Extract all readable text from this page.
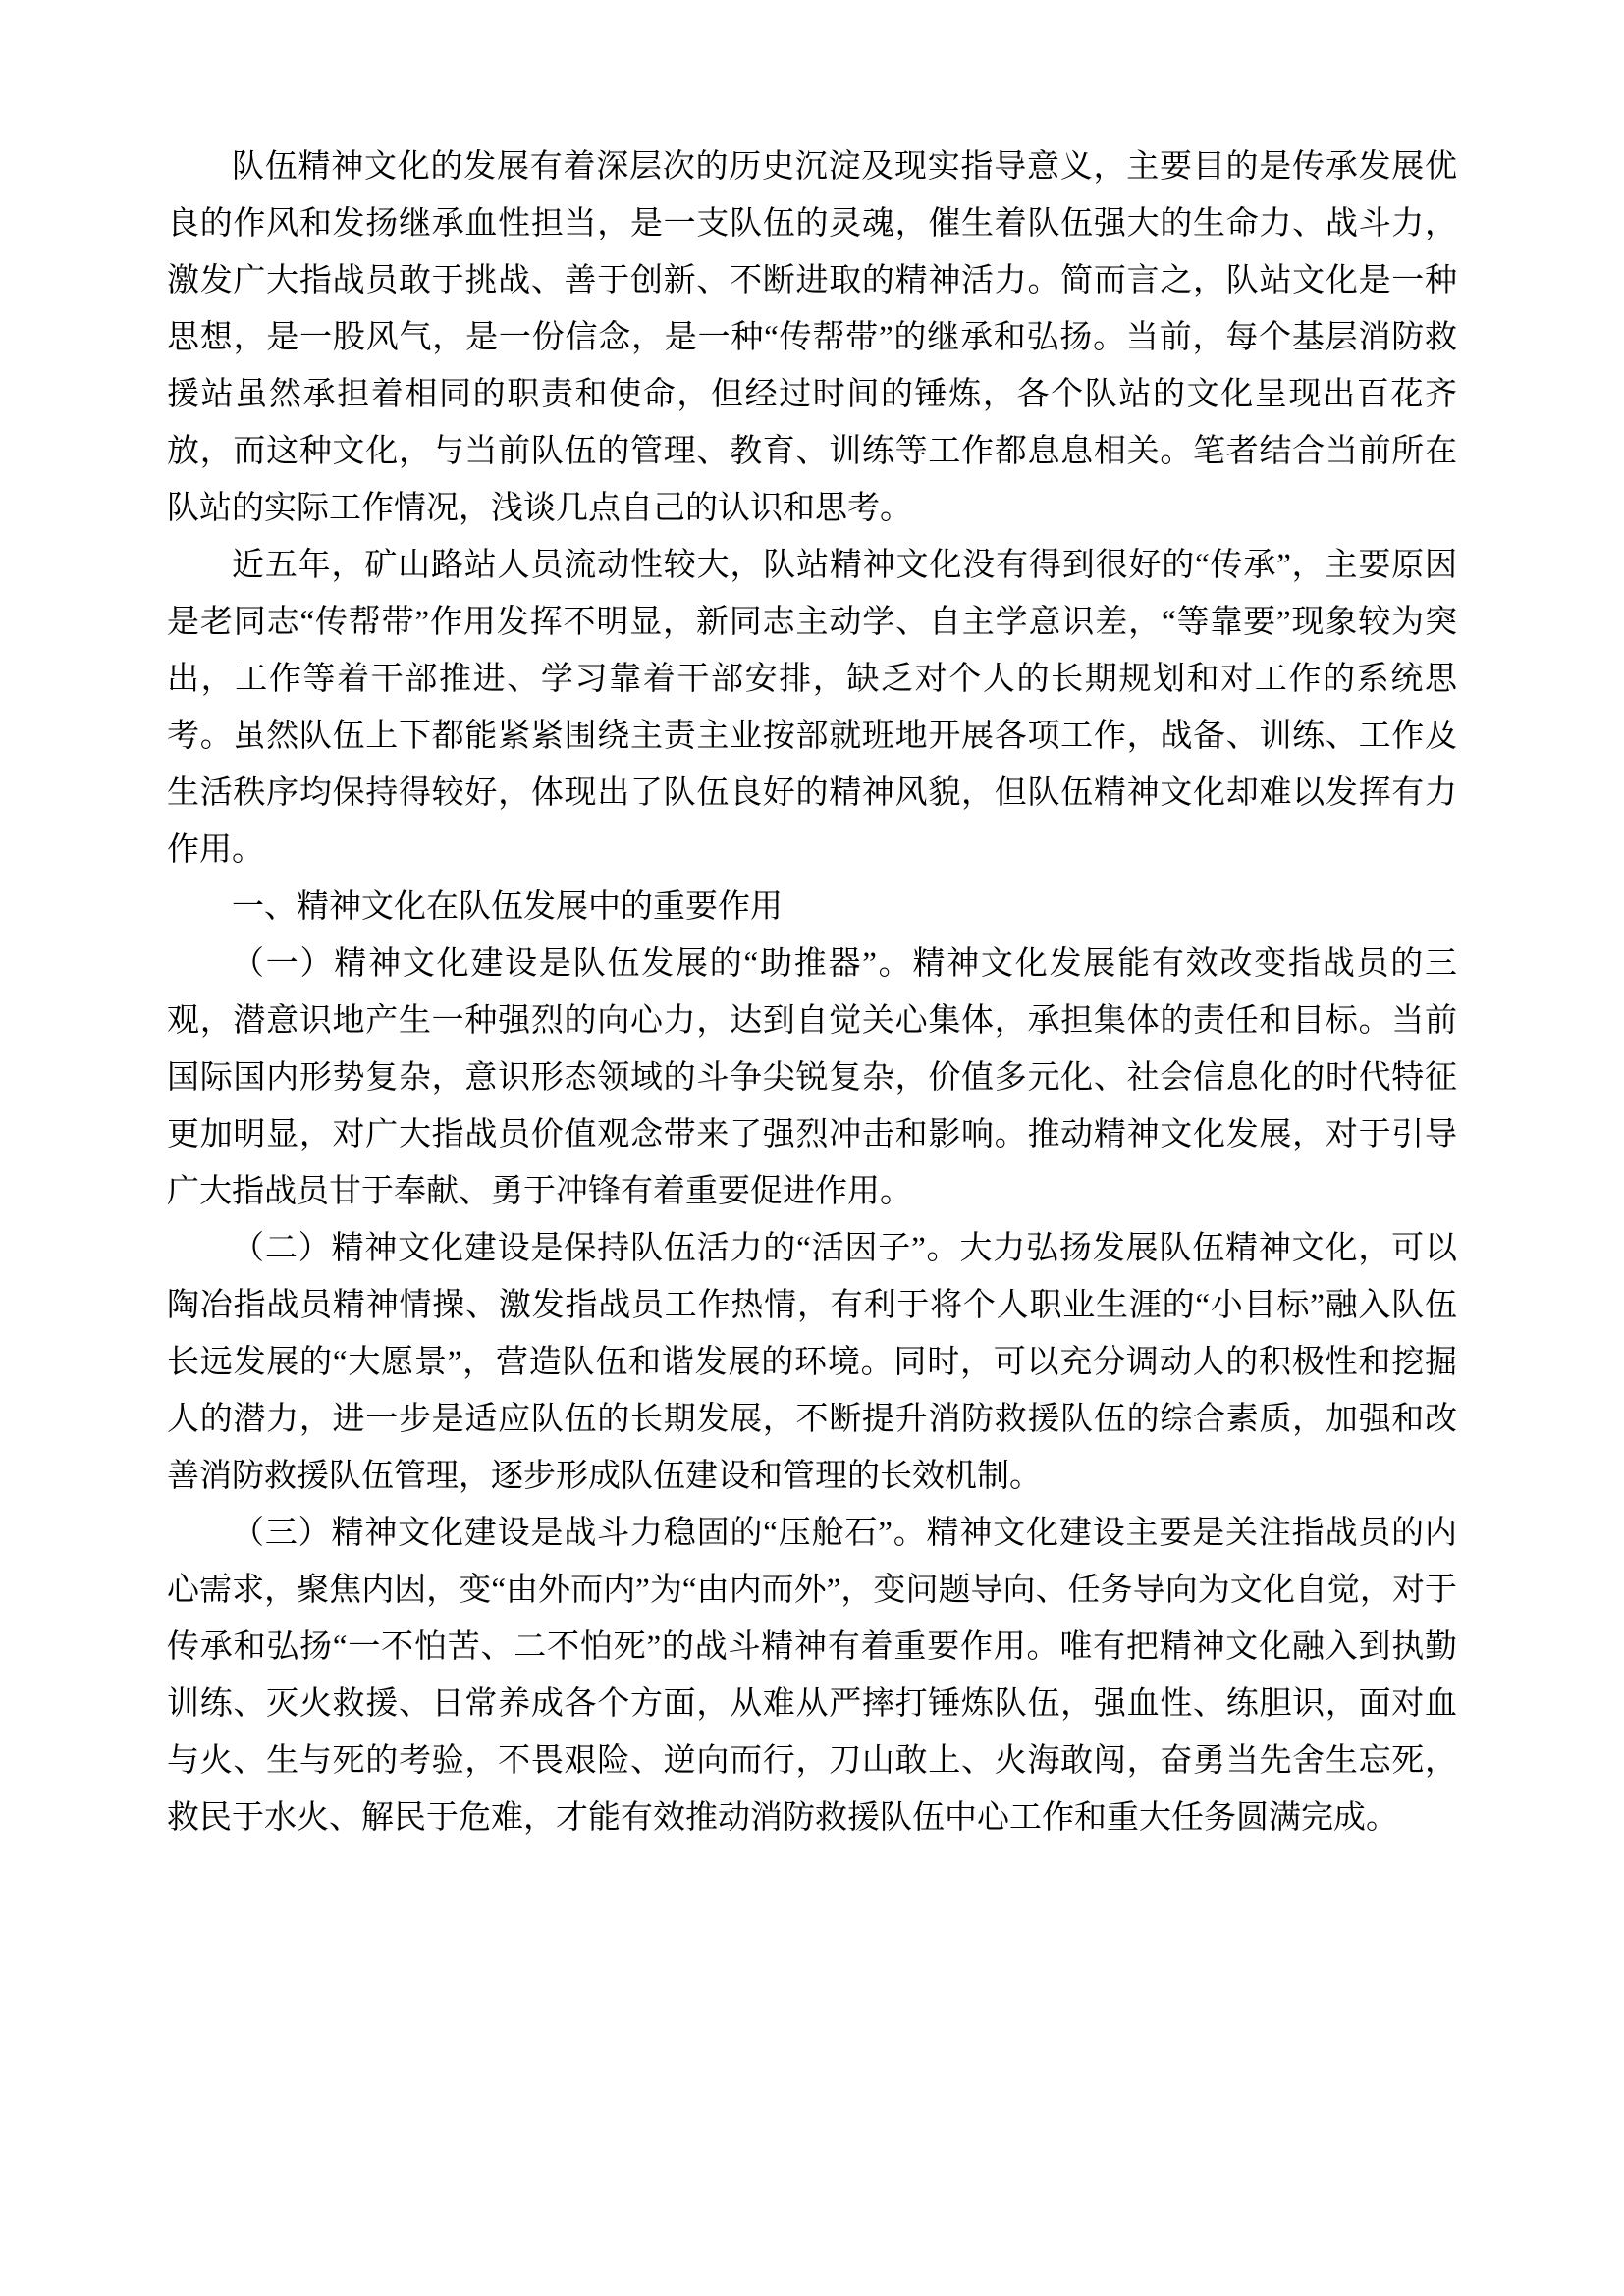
队伍精神文化的发展有着深层次的历史沉淀及现实指导意义，主要目的是传承发展优良的作风和发扬继承血性担当，是一支队伍的灵魂，催生着队伍强大的生命力、战斗力，激发广大指战员敢于挑战、善于创新、不断进取的精神活力。简而言之，队站文化是一种思想，是一股风气，是一份信念，是一种“传帮带”的继承和弘扬。当前，每个基层消防救援站虽然承担着相同的职责和使命，但经过时间的锤炼，各个队站的文化呈现出百花齐放，而这种文化，与当前队伍的管理、教育、训练等工作都息息相关。笔者结合当前所在队站的实际工作情况，浅谈几点自己的认识和思考。

近五年，矿山路站人员流动性较大，队站精神文化没有得到很好的“传承”，主要原因是老同志“传帮带”作用发挥不明显，新同志主动学、自主学意识差，“等靠要”现象较为突出，工作等着干部推进、学习靠着干部安排，缺乏对个人的长期规划和对工作的系统思考。虽然队伍上下都能紧紧围绕主责主业按部就班地开展各项工作，战备、训练、工作及生活秩序均保持得较好，体现出了队伍良好的精神风貌，但队伍精神文化却难以发挥有力作用。

一、精神文化在队伍发展中的重要作用

（一）精神文化建设是队伍发展的“助推器”。精神文化发展能有效改变指战员的三观，潜意识地产生一种强烈的向心力，达到自觉关心集体，承担集体的责任和目标。当前国际国内形势复杂，意识形态领域的斗争尖锐复杂，价值多元化、社会信息化的时代特征更加明显，对广大指战员价值观念带来了强烈冲击和影响。推动精神文化发展，对于引导广大指战员甘于奉献、勇于冲锋有着重要促进作用。

（二）精神文化建设是保持队伍活力的“活因子”。大力弘扬发展队伍精神文化，可以陶冶指战员精神情操、激发指战员工作热情，有利于将个人职业生涯的“小目标”融入队伍长远发展的“大愿景”，营造队伍和谐发展的环境。同时，可以充分调动人的积极性和挖掘人的潜力，进一步是适应队伍的长期发展，不断提升消防救援队伍的综合素质，加强和改善消防救援队伍管理，逐步形成队伍建设和管理的长效机制。

（三）精神文化建设是战斗力稳固的“压舱石”。精神文化建设主要是关注指战员的内心需求，聚焦内因，变“由外而内”为“由内而外”，变问题导向、任务导向为文化自觉，对于传承和弘扬“一不怕苦、二不怕死”的战斗精神有着重要作用。唯有把精神文化融入到执勤训练、灭火救援、日常养成各个方面，从难从严摔打锤炼队伍，强血性、练胆识，面对血与火、生与死的考验，不畏艰险、逆向而行，刀山敢上、火海敢闯，奋勇当先舍生忘死，救民于水火、解民于危难，才能有效推动消防救援队伍中心工作和重大任务圆满完成。
